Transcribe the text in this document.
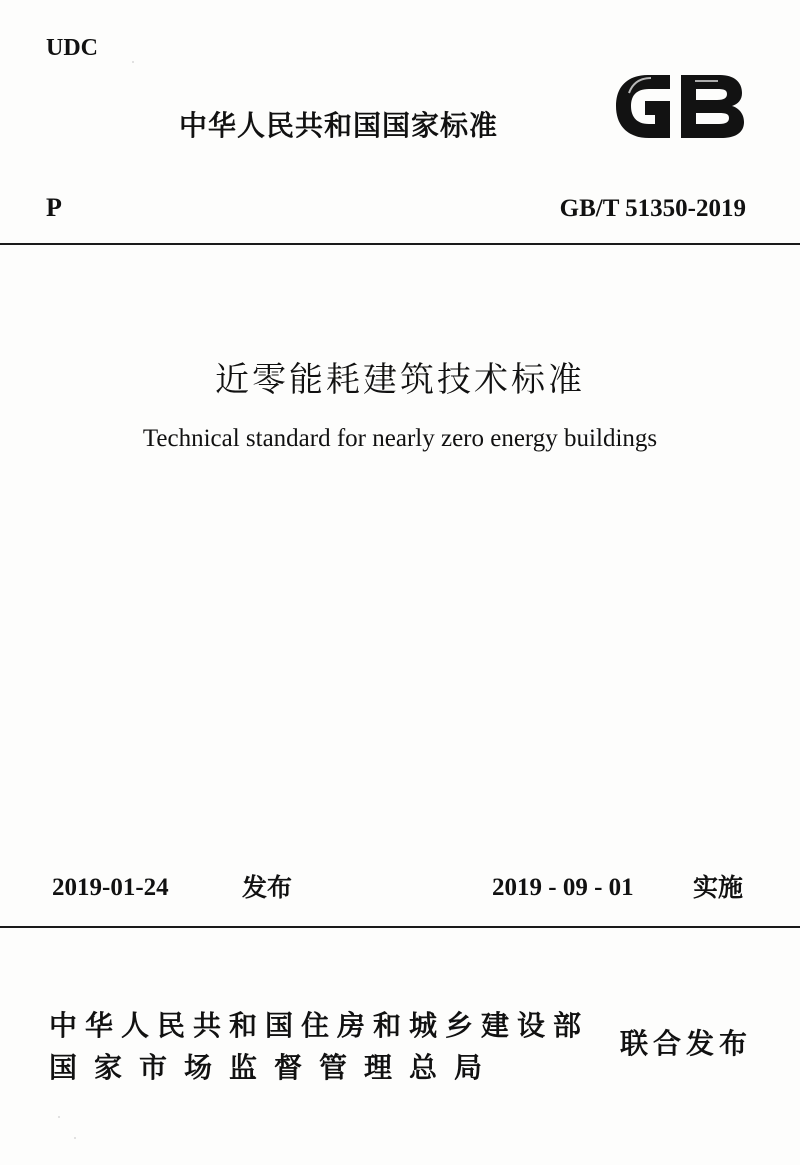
UDC
中华人民共和国国家标准
P	GB/T 51350-2019
近零能耗建筑技术标准
Technical standard for nearly zero energy buildings
2019-01-24	发布	2019 - 09 - 01 实施
中华人民共和国住房和城乡建设部
国家市场监督管理总局
联合发布
